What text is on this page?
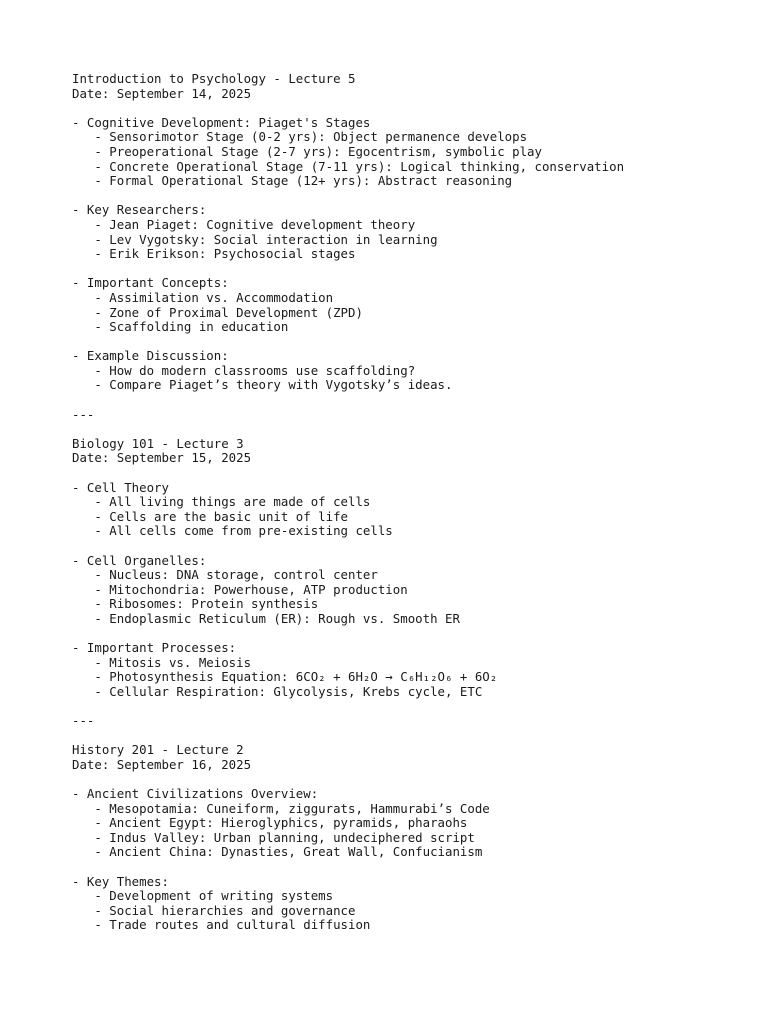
Introduction to Psychology - Lecture 5
Date: September 14, 2025
- Cognitive Development: Piaget's Stages
- Sensorimotor Stage (0-2 yrs): Object permanence develops
- Preoperational Stage (2-7 yrs): Egocentrism, symbolic play
- Concrete Operational Stage (7-11 yrs): Logical thinking, conservation
- Formal Operational Stage (12+ yrs): Abstract reasoning
- Key Researchers:
- Jean Piaget: Cognitive development theory
- Lev Vygotsky: Social interaction in learning
- Erik Erikson: Psychosocial stages
- Important Concepts:
- Assimilation vs. Accommodation
- Zone of Proximal Development (ZPD)
- Scaffolding in education
- Example Discussion:
- How do modern classrooms use scaffolding?
- Compare Piaget’s theory with Vygotsky’s ideas.
---
Biology 101 - Lecture 3
Date: September 15, 2025
- Cell Theory
- All living things are made of cells
- Cells are the basic unit of life
- All cells come from pre-existing cells
- Cell Organelles:
- Nucleus: DNA storage, control center
- Mitochondria: Powerhouse, ATP production
- Ribosomes: Protein synthesis
- Endoplasmic Reticulum (ER): Rough vs. Smooth ER
- Important Processes:
- Mitosis vs. Meiosis
- Photosynthesis Equation: 6CO₂ + 6H₂O → C₆H₁₂O₆ + 6O₂
- Cellular Respiration: Glycolysis, Krebs cycle, ETC
---
History 201 - Lecture 2
Date: September 16, 2025
- Ancient Civilizations Overview:
- Mesopotamia: Cuneiform, ziggurats, Hammurabi’s Code
- Ancient Egypt: Hieroglyphics, pyramids, pharaohs
- Indus Valley: Urban planning, undeciphered script
- Ancient China: Dynasties, Great Wall, Confucianism
- Key Themes:
- Development of writing systems
- Social hierarchies and governance
- Trade routes and cultural diffusion
